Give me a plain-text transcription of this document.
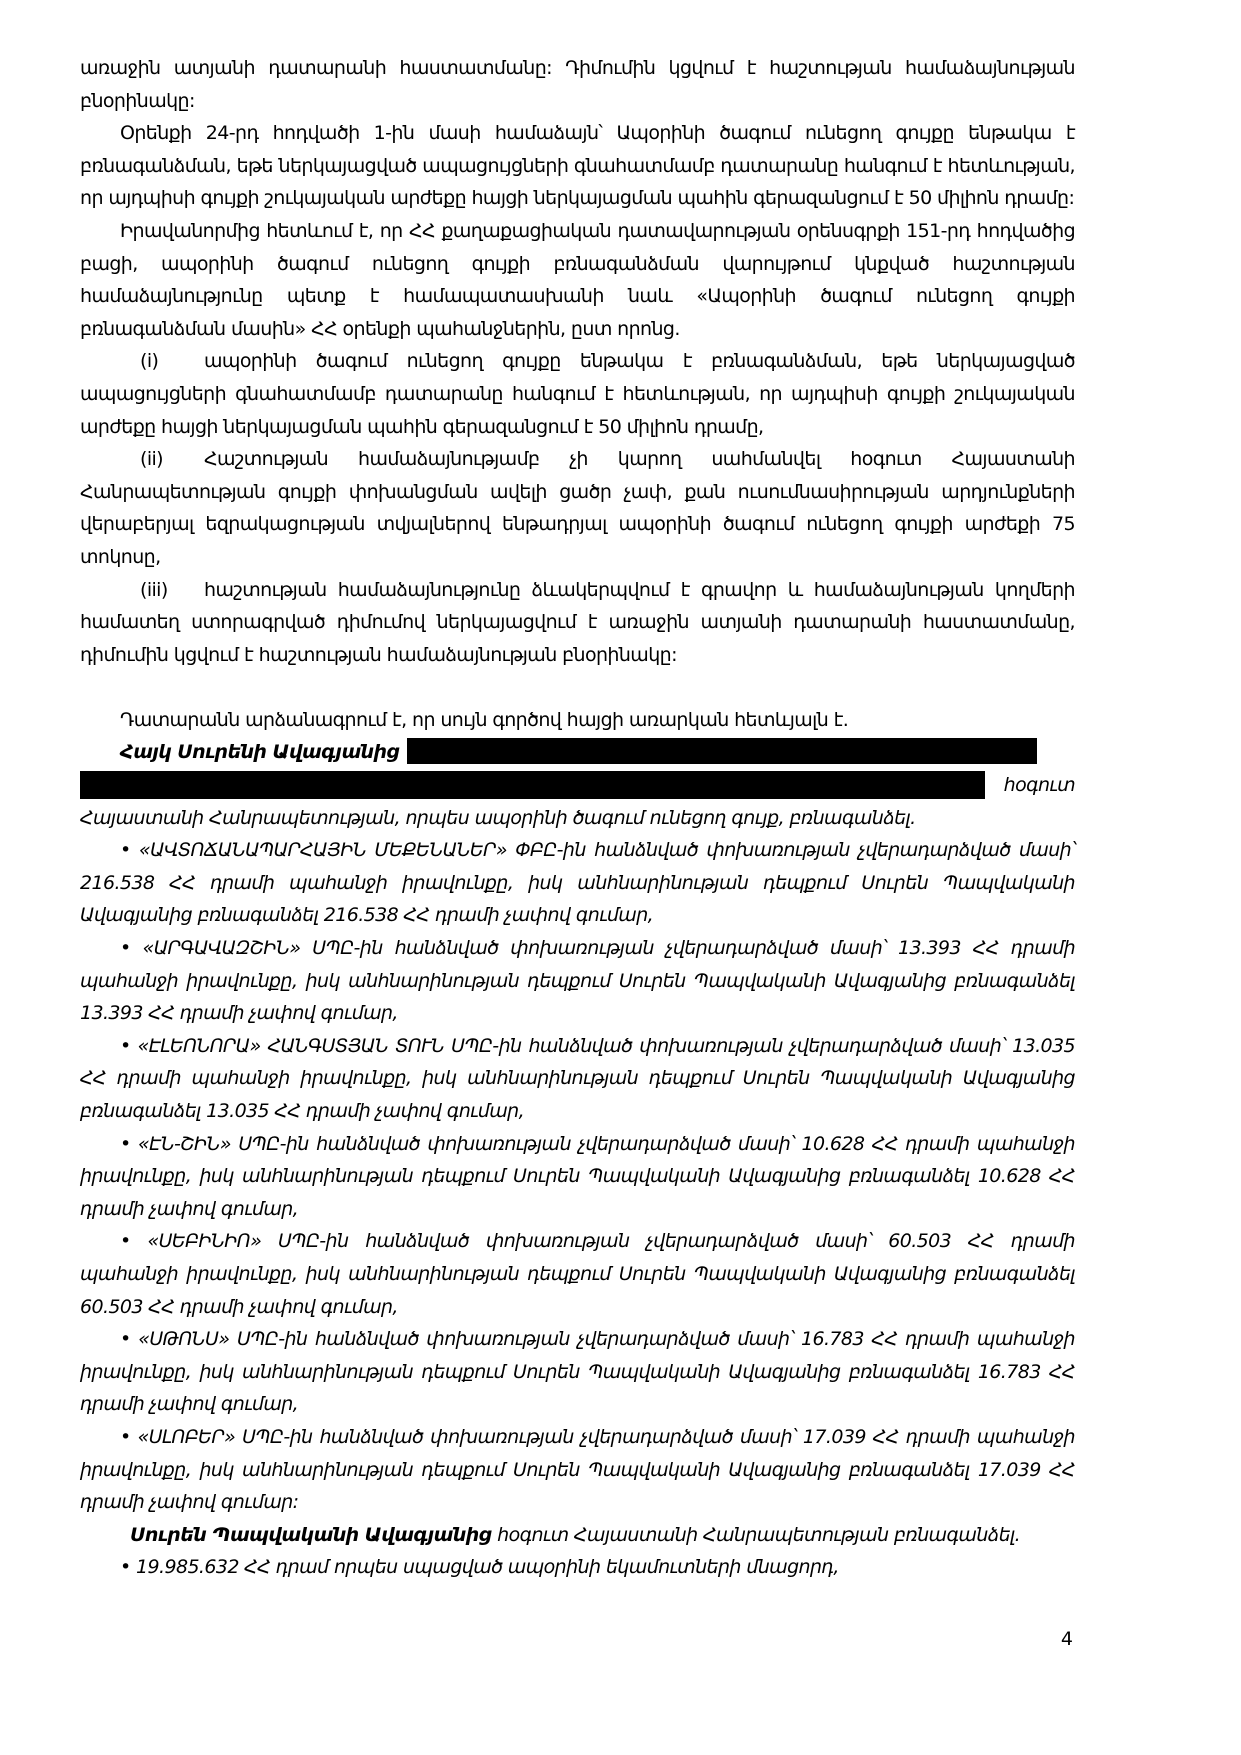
առաջին ատյանի դատարանի հաստատմանը: Դիմումին կցվում է հաշտության համաձայնության բնօրինակը:

Օրենքի 24-րդ հոդվածի 1-ին մասի համաձայն՝ Ապօրինի ծագում ունեցող գույքը ենթակա է բռնագանձման, եթե ներկայացված ապացույցների գնահատմամբ դատարանը հանգում է հետևության, որ այդպիսի գույքի շուկայական արժեքը հայցի ներկայացման պահին գերազանցում է 50 միլիոն դրամը:

Իրավանորմից հետևում է, որ ՀՀ քաղաքացիական դատավարության օրենսգրքի 151-րդ հոդվածից բացի, ապօրինի ծագում ունեցող գույքի բռնագանձման վարույթում կնքված հաշտության համաձայնությունը պետք է համապատասխանի նաև «Ապօրինի ծագում ունեցող գույքի բռնագանձման մասին» ՀՀ օրենքի պահանջներին, ըստ որոնց.

(i) ապօրինի ծագում ունեցող գույքը ենթակա է բռնագանձման, եթե ներկայացված ապացույցների գնահատմամբ դատարանը հանգում է հետևության, որ այդպիսի գույքի շուկայական արժեքը հայցի ներկայացման պահին գերազանցում է 50 միլիոն դրամը,

(ii) Հաշտության համաձայնությամբ չի կարող սահմանվել հօգուտ Հայաստանի Հանրապետության գույքի փոխանցման ավելի ցածր չափ, քան ուսումնասիրության արդյունքների վերաբերյալ եզրակացության տվյալներով ենթադրյալ ապօրինի ծագում ունեցող գույքի արժեքի 75 տոկոսը,

(iii) հաշտության համաձայնությունը ձևակերպվում է գրավոր և համաձայնության կողմերի համատեղ ստորագրված դիմումով ներկայացվում է առաջին ատյանի դատարանի հաստատմանը, դիմումին կցվում է հաշտության համաձայնության բնօրինակը:

Դատարանն արձանագրում է, որ սույն գործով հայցի առարկան հետևյալն է.

Հայկ Սուրենի Ավագյանից

հօգուտ

Հայաստանի Հանրապետության, որպես ապօրինի ծագում ունեցող գույք, բռնագանձել.

• «ԱՎՏՈՃԱՆԱՊԱՐՀԱՅԻՆ ՄԵՔԵՆԱՆԵՐ» ՓԲԸ-ին հանձնված փոխառության չվերադարձված մասի՝ 216.538 ՀՀ դրամի պահանջի իրավունքը, իսկ անհնարինության դեպքում Սուրեն Պապվականի Ավագյանից բռնագանձել 216.538 ՀՀ դրամի չափով գումար,

• «ԱՐԳԱՎԱԶՇԻՆ» ՍՊԸ-ին հանձնված փոխառության չվերադարձված մասի՝ 13.393 ՀՀ դրամի պահանջի իրավունքը, իսկ անհնարինության դեպքում Սուրեն Պապվականի Ավագյանից բռնագանձել 13.393 ՀՀ դրամի չափով գումար,

• «ԷԼԵՈՆՈՐԱ» ՀԱՆԳՍՏՅԱՆ ՏՈՒՆ ՍՊԸ-ին հանձնված փոխառության չվերադարձված մասի՝ 13.035 ՀՀ դրամի պահանջի իրավունքը, իսկ անհնարինության դեպքում Սուրեն Պապվականի Ավագյանից բռնագանձել 13.035 ՀՀ դրամի չափով գումար,

• «ԷՆ-ՇԻՆ» ՍՊԸ-ին հանձնված փոխառության չվերադարձված մասի՝ 10.628 ՀՀ դրամի պահանջի իրավունքը, իսկ անհնարինության դեպքում Սուրեն Պապվականի Ավագյանից բռնագանձել 10.628 ՀՀ դրամի չափով գումար,

• «ՍԵԲԻՆԻՈ» ՍՊԸ-ին հանձնված փոխառության չվերադարձված մասի՝ 60.503 ՀՀ դրամի պահանջի իրավունքը, իսկ անհնարինության դեպքում Սուրեն Պապվականի Ավագյանից բռնագանձել 60.503 ՀՀ դրամի չափով գումար,

• «ՍԹՈՆՍ» ՍՊԸ-ին հանձնված փոխառության չվերադարձված մասի՝ 16.783 ՀՀ դրամի պահանջի իրավունքը, իսկ անհնարինության դեպքում Սուրեն Պապվականի Ավագյանից բռնագանձել 16.783 ՀՀ դրամի չափով գումար,

• «ՍԼՈԲԵՐ» ՍՊԸ-ին հանձնված փոխառության չվերադարձված մասի՝ 17.039 ՀՀ դրամի պահանջի իրավունքը, իսկ անհնարինության դեպքում Սուրեն Պապվականի Ավագյանից բռնագանձել 17.039 ՀՀ դրամի չափով գումար:

Սուրեն Պապվականի Ավագյանից հօգուտ Հայաստանի Հանրապետության բռնագանձել.

• 19.985.632 ՀՀ դրամ որպես սպացված ապօրինի եկամուտների մնացորդ,

4
